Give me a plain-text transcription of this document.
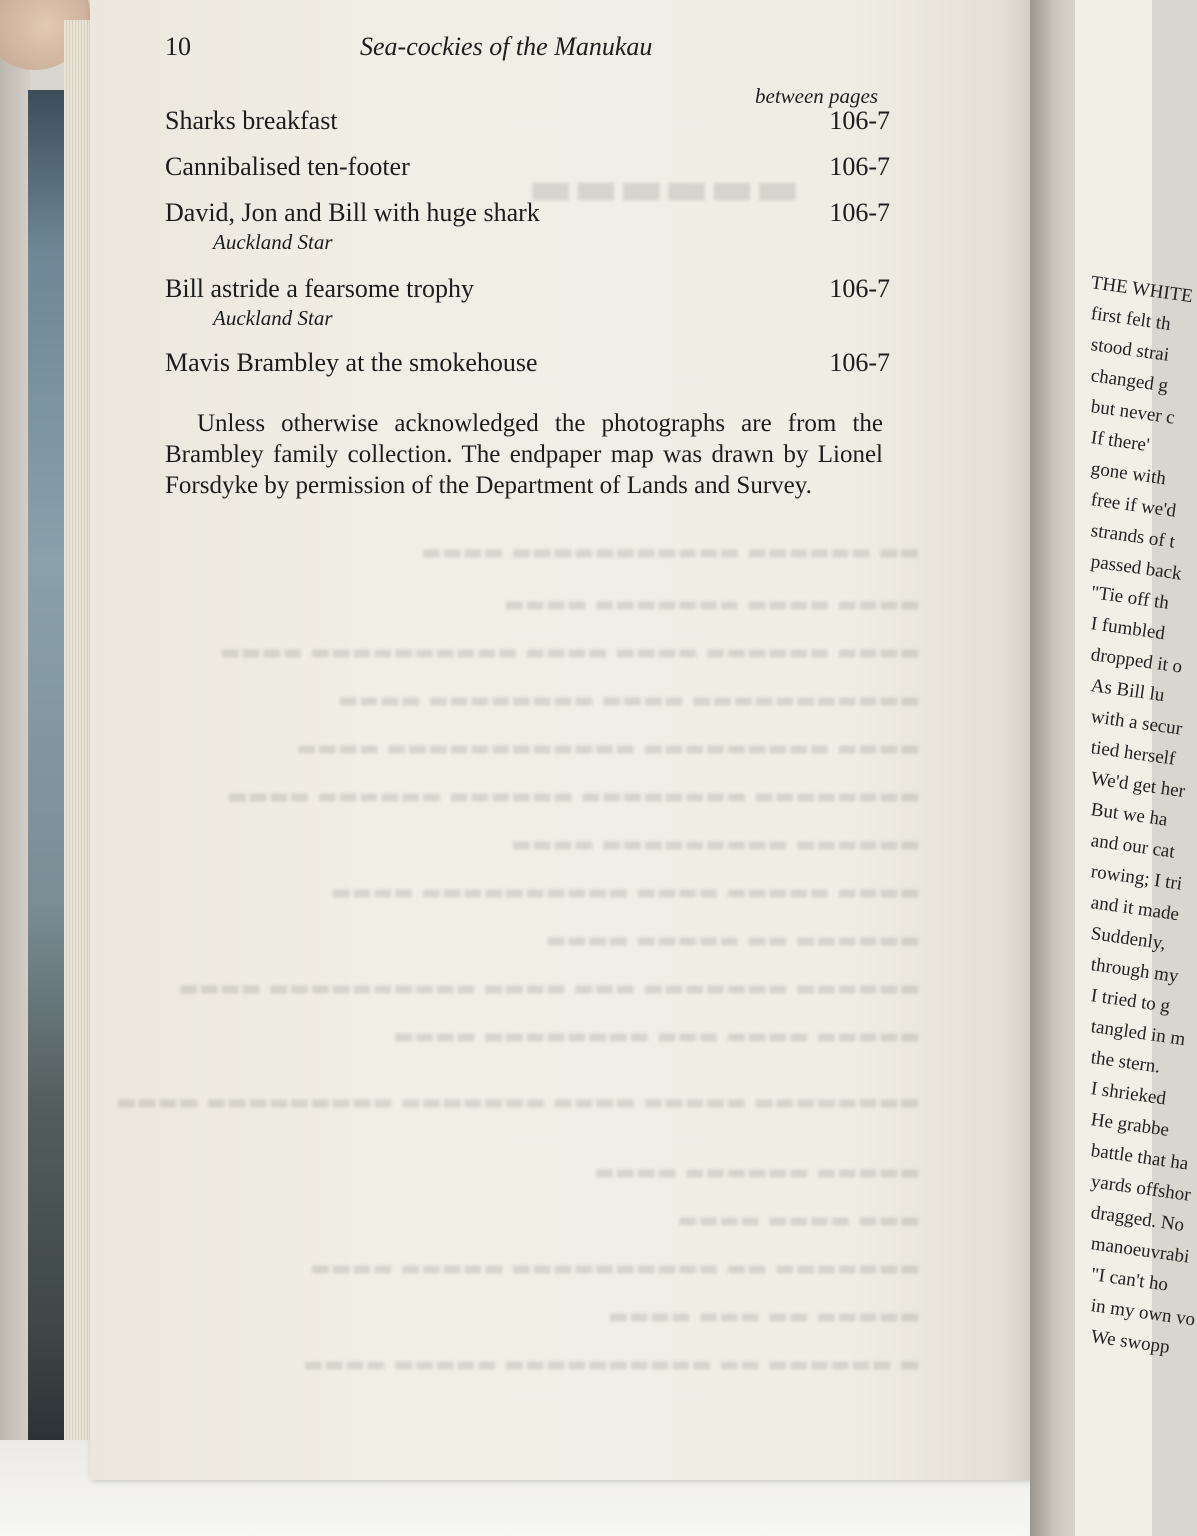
▬▬▬▬▬▬
▬▬ ▬▬▬▬▬▬ ▬▬▬▬▬▬▬▬▬▬▬ ▬▬▬▬
▬▬▬▬ ▬▬▬▬ ▬▬▬▬▬▬▬ ▬▬▬▬
▬▬▬▬ ▬▬▬▬▬▬ ▬▬▬▬ ▬▬▬▬ ▬▬▬▬▬▬▬▬▬▬ ▬▬▬▬
▬▬▬▬▬▬▬▬▬▬▬ ▬▬▬▬ ▬▬▬▬▬▬▬▬ ▬▬▬▬
▬▬▬▬ ▬▬▬▬▬▬▬▬▬ ▬▬▬▬▬▬▬▬▬▬▬▬ ▬▬▬▬
▬▬▬▬▬▬▬▬ ▬▬▬▬▬▬▬▬ ▬▬▬▬▬▬ ▬▬▬▬▬▬ ▬▬▬▬
▬▬▬▬▬▬ ▬▬▬▬▬▬▬▬▬ ▬▬▬▬
▬▬▬▬ ▬▬▬▬▬ ▬▬▬▬ ▬▬▬▬▬▬▬▬▬▬ ▬▬▬▬
▬▬▬▬▬▬ ▬▬ ▬▬▬▬▬ ▬▬▬▬
▬▬▬▬▬▬ ▬▬▬▬▬▬▬ ▬▬▬ ▬▬▬▬ ▬▬▬▬▬▬▬▬▬▬ ▬▬▬▬
▬▬▬▬▬ ▬▬▬▬ ▬▬▬ ▬▬▬▬▬▬▬▬ ▬▬▬▬
▬▬▬▬▬▬▬▬ ▬▬▬▬▬ ▬▬▬▬ ▬▬▬▬▬▬▬ ▬▬▬▬▬▬▬▬▬ ▬▬▬▬
▬▬▬▬▬ ▬▬▬▬▬▬ ▬▬▬▬
▬▬▬ ▬▬▬▬ ▬▬▬▬
▬▬▬▬▬▬▬ ▬▬ ▬▬▬▬▬▬▬▬▬▬ ▬▬▬▬▬ ▬▬▬▬
▬▬▬▬▬ ▬▬ ▬▬▬ ▬▬▬▬
▬ ▬▬▬▬▬▬ ▬▬ ▬▬▬▬▬▬▬▬▬▬ ▬▬▬▬▬ ▬▬▬▬
THE WHITE
first felt th
stood strai
changed g
but never c
If there'
gone with
free if we'd
strands of t
passed back
"Tie off th
I fumbled
dropped it o
As Bill lu
with a secur
tied herself
We'd get her
But we ha
and our cat
rowing; I tri
and it made
Suddenly,
through my
I tried to g
tangled in m
the stern.
I shrieked
He grabbe
battle that ha
yards offshor
dragged. No
manoeuvrabi
"I can't ho
in my own vo
We swopp
10	Sea-cockies of the Manukau
between pages
Sharks breakfast	106-7
Cannibalised ten-footer	106-7
David, Jon and Bill with huge shark	106-7
Auckland Star
Bill astride a fearsome trophy	106-7
Auckland Star
Mavis Brambley at the smokehouse	106-7

Unless otherwise acknowledged the photographs are from the Brambley family collection. The endpaper map was drawn by Lionel Forsdyke by permission of the Department of Lands and Survey.
